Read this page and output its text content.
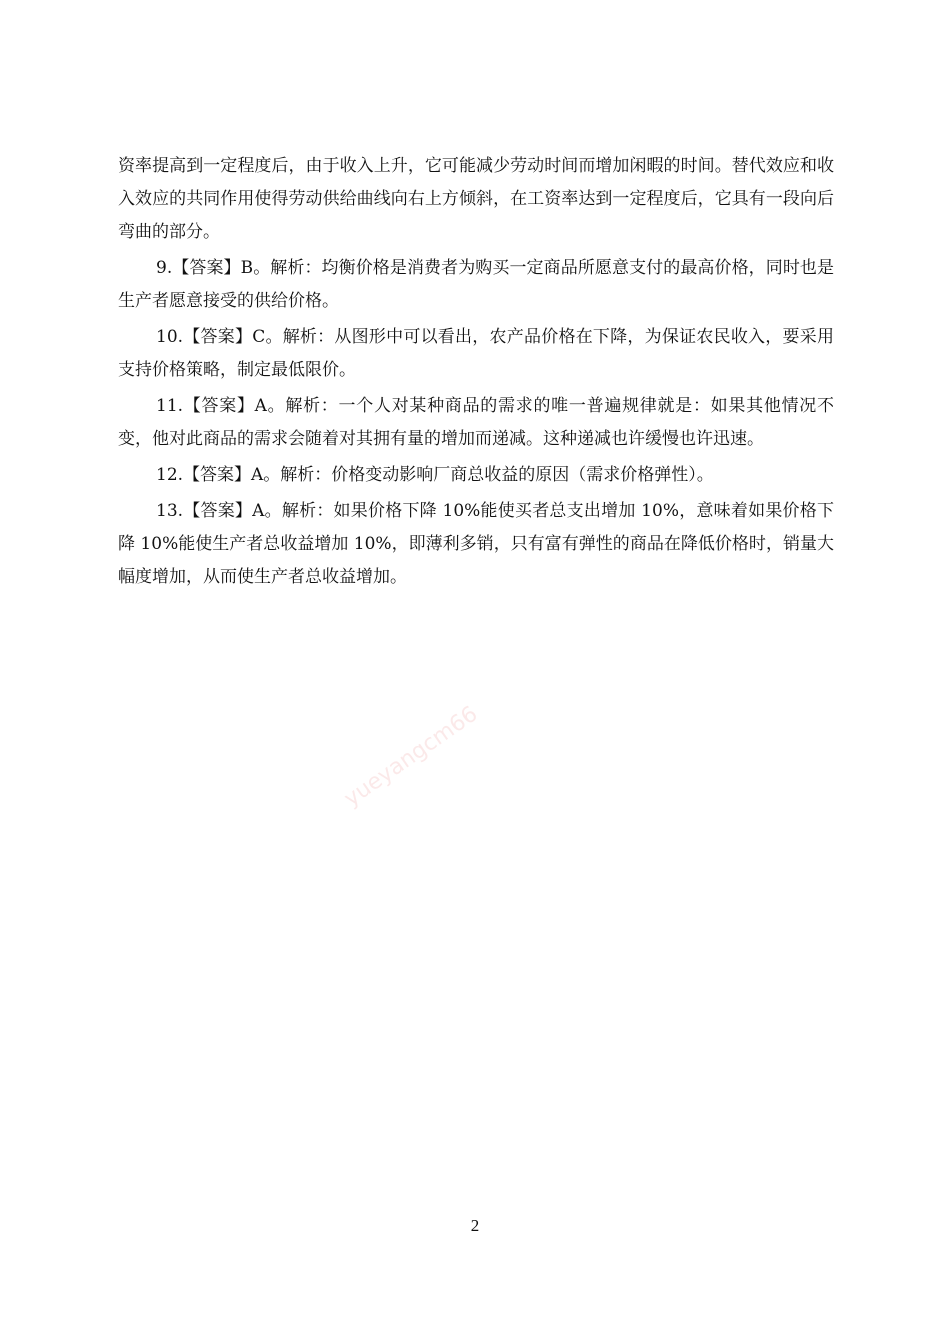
资率提高到一定程度后，由于收入上升，它可能减少劳动时间而增加闲暇的时间。替代效应和收入效应的共同作用使得劳动供给曲线向右上方倾斜，在工资率达到一定程度后，它具有一段向后弯曲的部分。

9.【答案】B。解析：均衡价格是消费者为购买一定商品所愿意支付的最高价格，同时也是生产者愿意接受的供给价格。

10.【答案】C。解析：从图形中可以看出，农产品价格在下降，为保证农民收入，要采用支持价格策略，制定最低限价。

11.【答案】A。解析：一个人对某种商品的需求的唯一普遍规律就是：如果其他情况不变，他对此商品的需求会随着对其拥有量的增加而递减。这种递减也许缓慢也许迅速。

12.【答案】A。解析：价格变动影响厂商总收益的原因（需求价格弹性）。

13.【答案】A。解析：如果价格下降 10%能使买者总支出增加 10%，意味着如果价格下降 10%能使生产者总收益增加 10%，即薄利多销，只有富有弹性的商品在降低价格时，销量大幅度增加，从而使生产者总收益增加。

yueyangcm66
2
